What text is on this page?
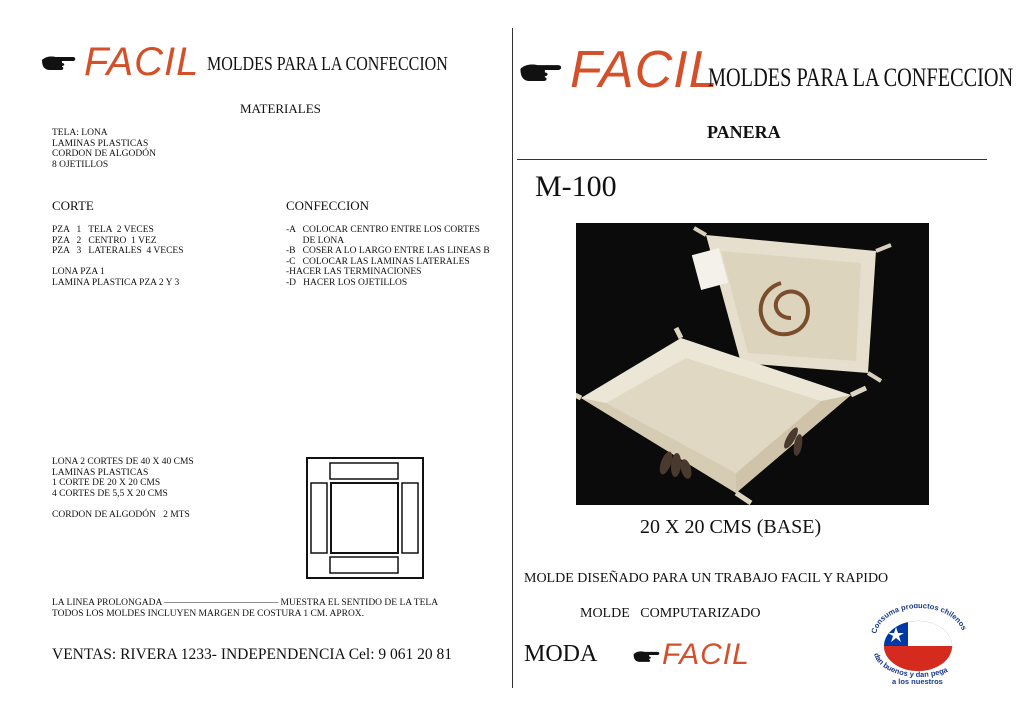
FACIL MOLDES PARA LA CONFECCION
MATERIALES
TELA: LONA
LAMINAS PLASTICAS
CORDON DE ALGODÓN
8 OJETILLOS
CORTE
PZA   1   TELA  2 VECES
PZA   2   CENTRO  1 VEZ
PZA   3   LATERALES  4 VECES
LONA PZA 1
LAMINA PLASTICA PZA 2 Y 3
CONFECCION
-A   COLOCAR CENTRO ENTRE LOS CORTES
DE LONA
-B   COSER A LO LARGO ENTRE LAS LINEAS B
-C   COLOCAR LAS LAMINAS LATERALES
-HACER LAS TERMINACIONES
-D   HACER LOS OJETILLOS
LONA 2 CORTES DE 40 X 40 CMS
LAMINAS PLASTICAS
1 CORTE DE 20 X 20 CMS
4 CORTES DE 5,5 X 20 CMS
CORDON DE ALGODÓN   2 MTS
LA LINEA PROLONGADA ———————————— MUESTRA EL SENTIDO DE LA TELA
TODOS LOS MOLDES INCLUYEN MARGEN DE COSTURA 1 CM. APROX.
VENTAS: RIVERA 1233- INDEPENDENCIA Cel: 9 061 20 81
FACIL
MOLDES PARA LA CONFECCION
PANERA
M-100
20 X 20 CMS (BASE)
MOLDE DISEÑADO PARA UN TRABAJO FACIL Y RAPIDO
MOLDE   COMPUTARIZADO
MODA FACIL
Consuma productos chilenos
dan buenos y dan pega
a los nuestros
